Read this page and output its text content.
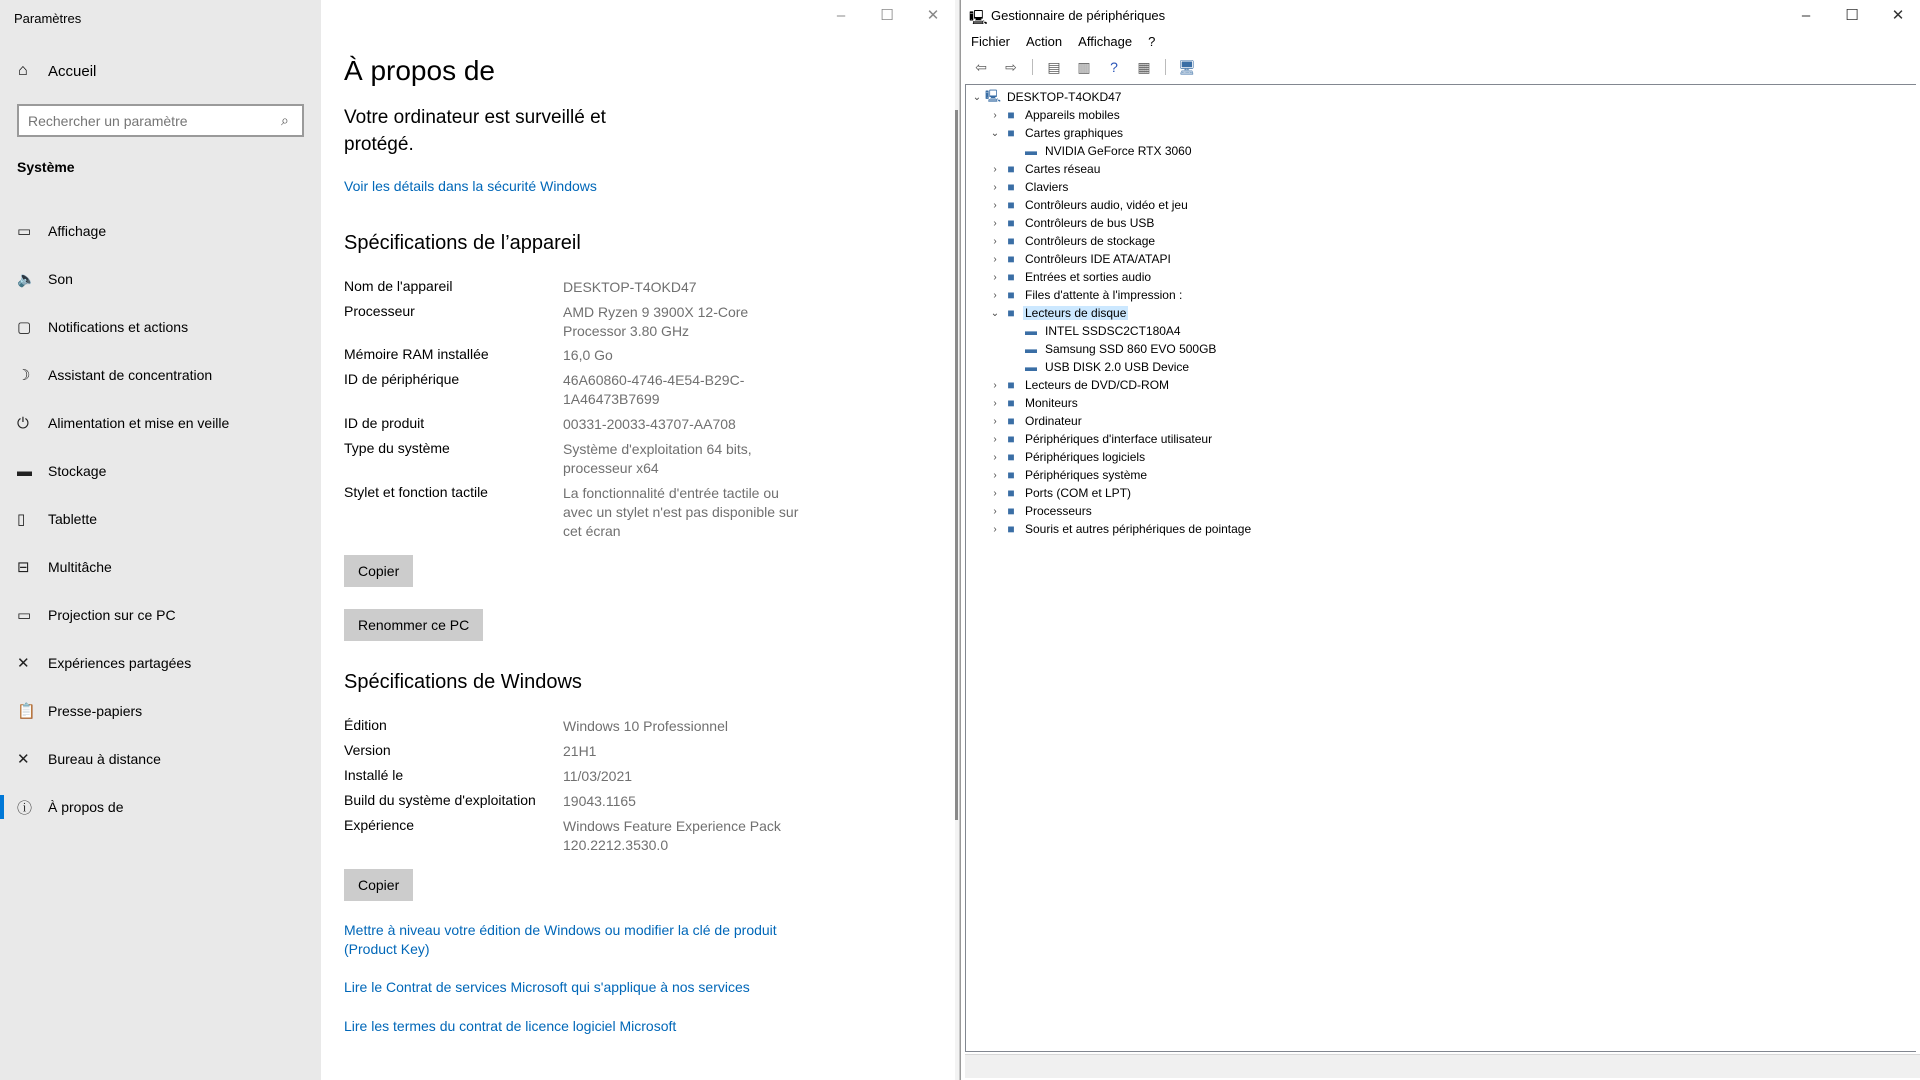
Paramètres
⌂	Accueil
Rechercher un paramètre
⌕
Système
▭	Affichage
🔈 Son
▢	Notifications et actions
☽	Assistant de concentration
⏻	Alimentation et mise en veille
▬	Stockage
▯	Tablette
⊟	Multitâche
▭	Projection sur ce PC
✕	Expériences partagées
📋 Presse-papiers
✕	Bureau à distance
ⓘ	À propos de
–	☐	✕
À propos de
Votre ordinateur est surveillé et protégé.
Voir les détails dans la sécurité Windows
Spécifications de l’appareil
Nom de l'appareil	DESKTOP-T4OKD47
Processeur	AMD Ryzen 9 3900X 12-Core Processor 3.80 GHz
Mémoire RAM installée	16,0 Go
ID de périphérique	46A60860-4746-4E54-B29C-1A46473B7699
ID de produit	00331-20033-43707-AA708
Type du système	Système d'exploitation 64 bits, processeur x64
Stylet et fonction tactile	La fonctionnalité d'entrée tactile ou avec un stylet n'est pas disponible sur cet écran
Copier
Renommer ce PC
Spécifications de Windows
Édition	Windows 10 Professionnel
Version	21H1
Installé le	11/03/2021
Build du système d'exploitation	19043.1165
Expérience	Windows Feature Experience Pack 120.2212.3530.0
Copier
Mettre à niveau votre édition de Windows ou modifier la clé de produit (Product Key)
Lire le Contrat de services Microsoft qui s'applique à nos services
Lire les termes du contrat de licence logiciel Microsoft
🖳 Gestionnaire de périphériques	–	☐	✕
Fichier Action Affichage ?
⇦	⇨	▤	▥	?	▦	🖥
⌄ 🖳 DESKTOP-T4OKD47
› ■ Appareils mobiles
⌄ ■ Cartes graphiques
▬ NVIDIA GeForce RTX 3060
› ■ Cartes réseau
› ■ Claviers
› ■ Contrôleurs audio, vidéo et jeu
› ■ Contrôleurs de bus USB
› ■ Contrôleurs de stockage
› ■ Contrôleurs IDE ATA/ATAPI
› ■ Entrées et sorties audio
› ■ Files d'attente à l'impression :
⌄ ■ Lecteurs de disque
▬ INTEL SSDSC2CT180A4
▬ Samsung SSD 860 EVO 500GB
▬ USB DISK 2.0 USB Device
› ■ Lecteurs de DVD/CD-ROM
› ■ Moniteurs
› ■ Ordinateur
› ■ Périphériques d'interface utilisateur
› ■ Périphériques logiciels
› ■ Périphériques système
› ■ Ports (COM et LPT)
› ■ Processeurs
› ■ Souris et autres périphériques de pointage
